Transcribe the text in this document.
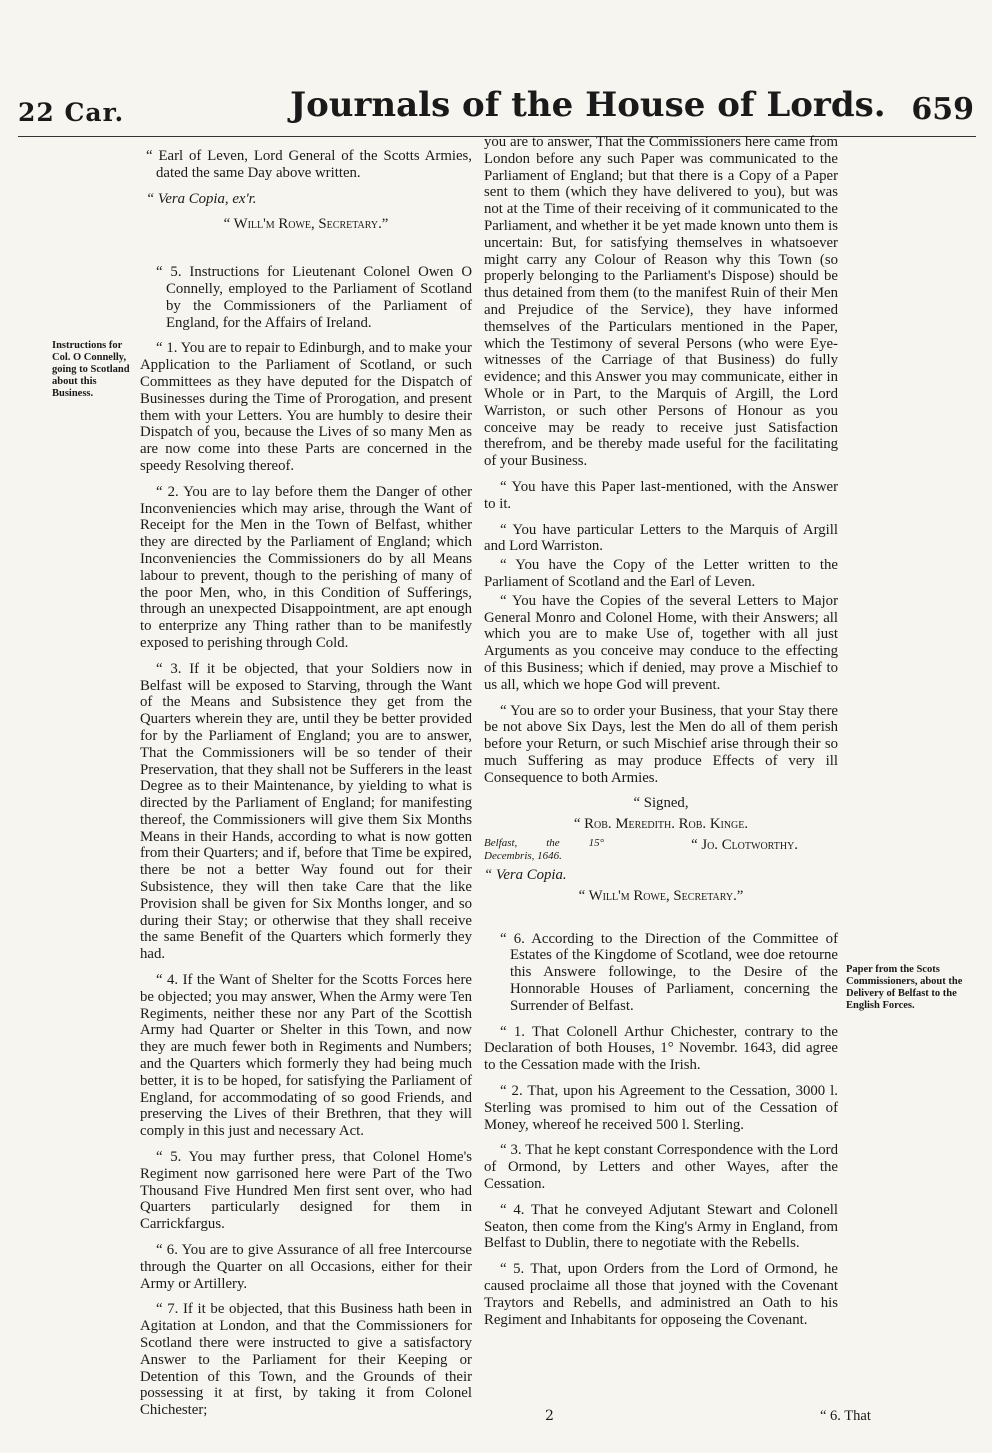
22 Car.	Journals of the House of Lords. 659
Instructions for Col. O Connelly, going to Scotland about this Business.

“ Earl of Leven, Lord General of the Scotts Armies, dated the same Day above written.

“ Vera Copia, ex'r.

“ Will'm Rowe, Secretary.”

“ 5. Instructions for Lieutenant Colonel Owen O Connelly, employed to the Parliament of Scotland by the Commissioners of the Parliament of England, for the Affairs of Ireland.

“ 1. You are to repair to Edinburgh, and to make your Application to the Parliament of Scotland, or such Committees as they have deputed for the Dispatch of Businesses during the Time of Prorogation, and present them with your Letters. You are humbly to desire their Dispatch of you, because the Lives of so many Men as are now come into these Parts are concerned in the speedy Resolving thereof.

“ 2. You are to lay before them the Danger of other Inconveniencies which may arise, through the Want of Receipt for the Men in the Town of Belfast, whither they are directed by the Parliament of England; which Inconveniencies the Commissioners do by all Means labour to prevent, though to the perishing of many of the poor Men, who, in this Condition of Sufferings, through an unexpected Disappointment, are apt enough to enterprize any Thing rather than to be manifestly exposed to perishing through Cold.

“ 3. If it be objected, that your Soldiers now in Belfast will be exposed to Starving, through the Want of the Means and Subsistence they get from the Quarters wherein they are, until they be better provided for by the Parliament of England; you are to answer, That the Commissioners will be so tender of their Preservation, that they shall not be Sufferers in the least Degree as to their Maintenance, by yielding to what is directed by the Parliament of England; for manifesting thereof, the Commissioners will give them Six Months Means in their Hands, according to what is now gotten from their Quarters; and if, before that Time be expired, there be not a better Way found out for their Subsistence, they will then take Care that the like Provision shall be given for Six Months longer, and so during their Stay; or otherwise that they shall receive the same Benefit of the Quarters which formerly they had.

“ 4. If the Want of Shelter for the Scotts Forces here be objected; you may answer, When the Army were Ten Regiments, neither these nor any Part of the Scottish Army had Quarter or Shelter in this Town, and now they are much fewer both in Regiments and Numbers; and the Quarters which formerly they had being much better, it is to be hoped, for satisfying the Parliament of England, for accommodating of so good Friends, and preserving the Lives of their Brethren, that they will comply in this just and necessary Act.

“ 5. You may further press, that Colonel Home's Regiment now garrisoned here were Part of the Two Thousand Five Hundred Men first sent over, who had Quarters particularly designed for them in Carrickfargus.

“ 6. You are to give Assurance of all free Intercourse through the Quarter on all Occasions, either for their Army or Artillery.

“ 7. If it be objected, that this Business hath been in Agitation at London, and that the Commissioners for Scotland there were instructed to give a satisfactory Answer to the Parliament for their Keeping or Detention of this Town, and the Grounds of their possessing it at first, by taking it from Colonel Chichester;

you are to answer, That the Commissioners here came from London before any such Paper was communicated to the Parliament of England; but that there is a Copy of a Paper sent to them (which they have delivered to you), but was not at the Time of their receiving of it communicated to the Parliament, and whether it be yet made known unto them is uncertain: But, for satisfying themselves in whatsoever might carry any Colour of Reason why this Town (so properly belonging to the Parliament's Dispose) should be thus detained from them (to the manifest Ruin of their Men and Prejudice of the Service), they have informed themselves of the Particulars mentioned in the Paper, which the Testimony of several Persons (who were Eye-witnesses of the Carriage of that Business) do fully evidence; and this Answer you may communicate, either in Whole or in Part, to the Marquis of Argill, the Lord Warriston, or such other Persons of Honour as you conceive may be ready to receive just Satisfaction therefrom, and be thereby made useful for the facilitating of your Business.

“ You have this Paper last-mentioned, with the Answer to it.

“ You have particular Letters to the Marquis of Argill and Lord Warriston.

“ You have the Copy of the Letter written to the Parliament of Scotland and the Earl of Leven.

“ You have the Copies of the several Letters to Major General Monro and Colonel Home, with their Answers; all which you are to make Use of, together with all just Arguments as you conceive may conduce to the effecting of this Business; which if denied, may prove a Mischief to us all, which we hope God will prevent.

“ You are so to order your Business, that your Stay there be not above Six Days, lest the Men do all of them perish before your Return, or such Mischief arise through their so much Suffering as may produce Effects of very ill Consequence to both Armies.

“ Signed,

“ Rob. Meredith. Rob. Kinge.

Belfast, the 15° Decembris, 1646.
“ Jo. Clotworthy.

“ Vera Copia.

“ Will'm Rowe, Secretary.”

“ 6. According to the Direction of the Committee of Estates of the Kingdome of Scotland, wee doe retourne this Answere followinge, to the Desire of the Honnorable Houses of Parliament, concerning the Surrender of Belfast.

“ 1. That Colonell Arthur Chichester, contrary to the Declaration of both Houses, 1° Novembr. 1643, did agree to the Cessation made with the Irish.

“ 2. That, upon his Agreement to the Cessation, 3000 l. Sterling was promised to him out of the Cessation of Money, whereof he received 500 l. Sterling.

“ 3. That he kept constant Correspondence with the Lord of Ormond, by Letters and other Wayes, after the Cessation.

“ 4. That he conveyed Adjutant Stewart and Colonell Seaton, then come from the King's Army in England, from Belfast to Dublin, there to negotiate with the Rebells.

“ 5. That, upon Orders from the Lord of Ormond, he caused proclaime all those that joyned with the Covenant Traytors and Rebells, and administred an Oath to his Regiment and Inhabitants for opposeing the Covenant.

Paper from the Scots Commissioners, about the Delivery of Belfast to the English Forces.
2	“ 6. That
